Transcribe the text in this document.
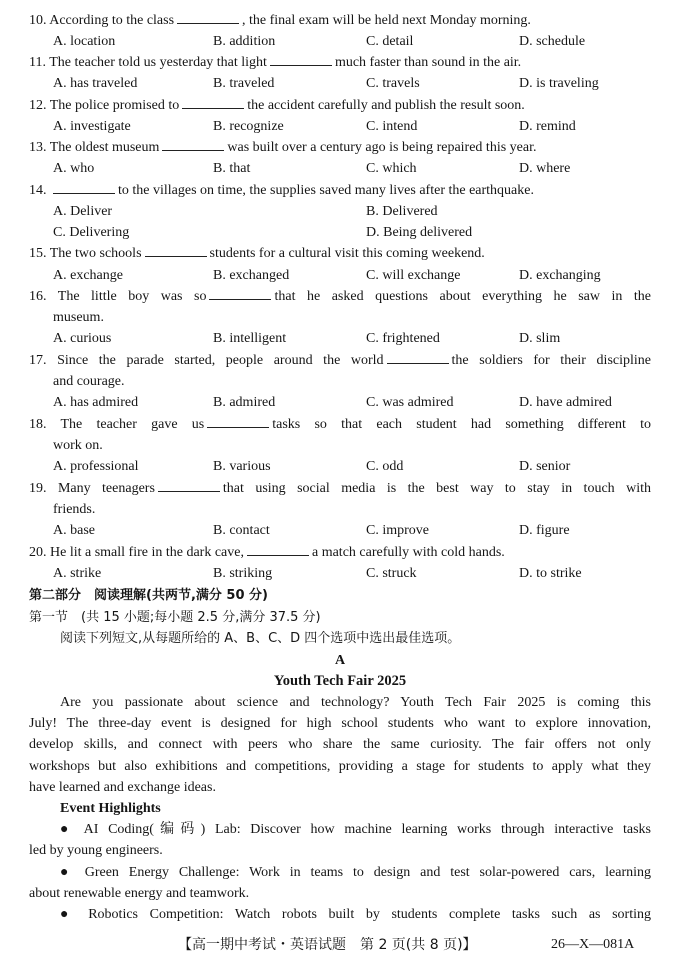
10. According to the class	, the final exam will be held next Monday morning.
A. location	B. addition	C. detail	D. schedule
11. The teacher told us yesterday that light	much faster than sound in the air.
A. has traveled	B. traveled	C. travels	D. is traveling
12. The police promised to	the accident carefully and publish the result soon.
A. investigate	B. recognize	C. intend	D. remind
13. The oldest museum	was built over a century ago is being repaired this year.
A. who	B. that	C. which	D. where
14.	to the villages on time, the supplies saved many lives after the earthquake.
A. Deliver	B. Delivered
C. Delivering	D. Being delivered
15. The two schools	students for a cultural visit this coming weekend.
A. exchange	B. exchanged	C. will exchange	D. exchanging
16. The little boy was so	that he asked questions about everything he saw in the
museum.
A. curious	B. intelligent	C. frightened	D. slim
17. Since the parade started, people around the world	the soldiers for their discipline
and courage.
A. has admired	B. admired	C. was admired	D. have admired
18. The teacher gave us	tasks so that each student had something different to
work on.
A. professional	B. various	C. odd	D. senior
19. Many teenagers	that using social media is the best way to stay in touch with
friends.
A. base	B. contact	C. improve	D. figure
20. He lit a small fire in the dark cave,	a match carefully with cold hands.
A. strike	B. striking	C. struck	D. to strike
第二部分　阅读理解(共两节,满分 50 分)
第一节　(共 15 小题;每小题 2.5 分,满分 37.5 分)
阅读下列短文,从每题所给的 A、B、C、D 四个选项中选出最佳选项。
A
Youth Tech Fair 2025
Are you passionate about science and technology? Youth Tech Fair 2025 is coming this
July! The three-day event is designed for high school students who want to explore innovation,
develop skills, and connect with peers who share the same curiosity. The fair offers not only
workshops but also exhibitions and competitions, providing a stage for students to apply what they
have learned and exchange ideas.
Event Highlights
● AI Coding(编码) Lab: Discover how machine learning works through interactive tasks
led by young engineers.
● Green Energy Challenge: Work in teams to design and test solar-powered cars, learning
about renewable energy and teamwork.
● Robotics Competition: Watch robots built by students complete tasks such as sorting
【高一期中考试・英语试题　第 2 页(共 8 页)】	26—X—081A
